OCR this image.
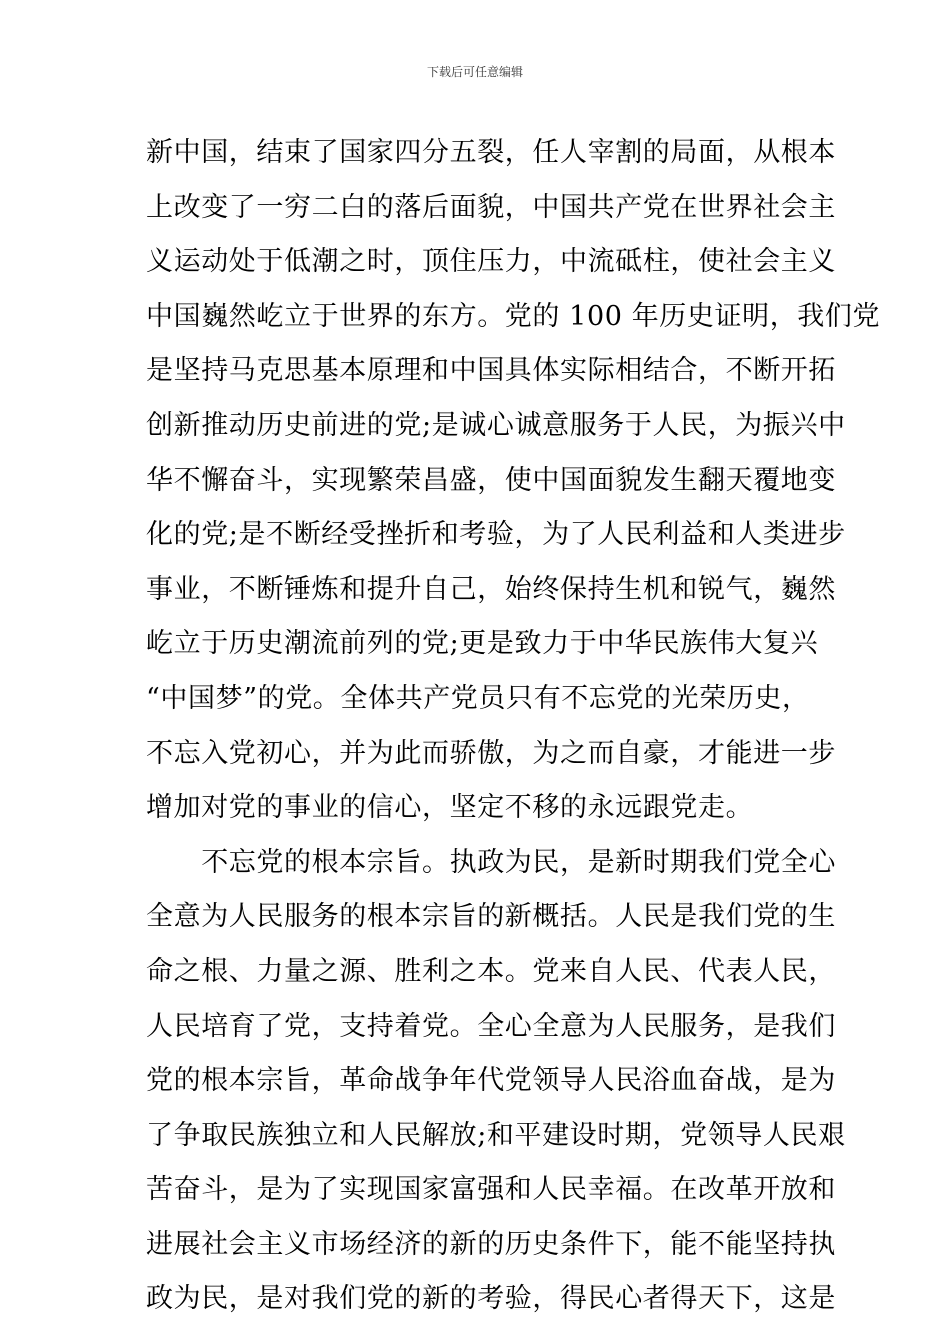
下载后可任意编辑
新中国，结束了国家四分五裂，任人宰割的局面，从根本
上改变了一穷二白的落后面貌，中国共产党在世界社会主
义运动处于低潮之时，顶住压力，中流砥柱，使社会主义
中国巍然屹立于世界的东方。党的 100 年历史证明，我们党
是坚持马克思基本原理和中国具体实际相结合，不断开拓
创新推动历史前进的党;是诚心诚意服务于人民，为振兴中
华不懈奋斗，实现繁荣昌盛，使中国面貌发生翻天覆地变
化的党;是不断经受挫折和考验，为了人民利益和人类进步
事业，不断锤炼和提升自己，始终保持生机和锐气，巍然
屹立于历史潮流前列的党;更是致力于中华民族伟大复兴
“中国梦”的党。全体共产党员只有不忘党的光荣历史，
不忘入党初心，并为此而骄傲，为之而自豪，才能进一步
增加对党的事业的信心，坚定不移的永远跟党走。
　　不忘党的根本宗旨。执政为民，是新时期我们党全心
全意为人民服务的根本宗旨的新概括。人民是我们党的生
命之根、力量之源、胜利之本。党来自人民、代表人民，
人民培育了党，支持着党。全心全意为人民服务，是我们
党的根本宗旨，革命战争年代党领导人民浴血奋战，是为
了争取民族独立和人民解放;和平建设时期，党领导人民艰
苦奋斗，是为了实现国家富强和人民幸福。在改革开放和
进展社会主义市场经济的新的历史条件下，能不能坚持执
政为民，是对我们党的新的考验，得民心者得天下，这是
